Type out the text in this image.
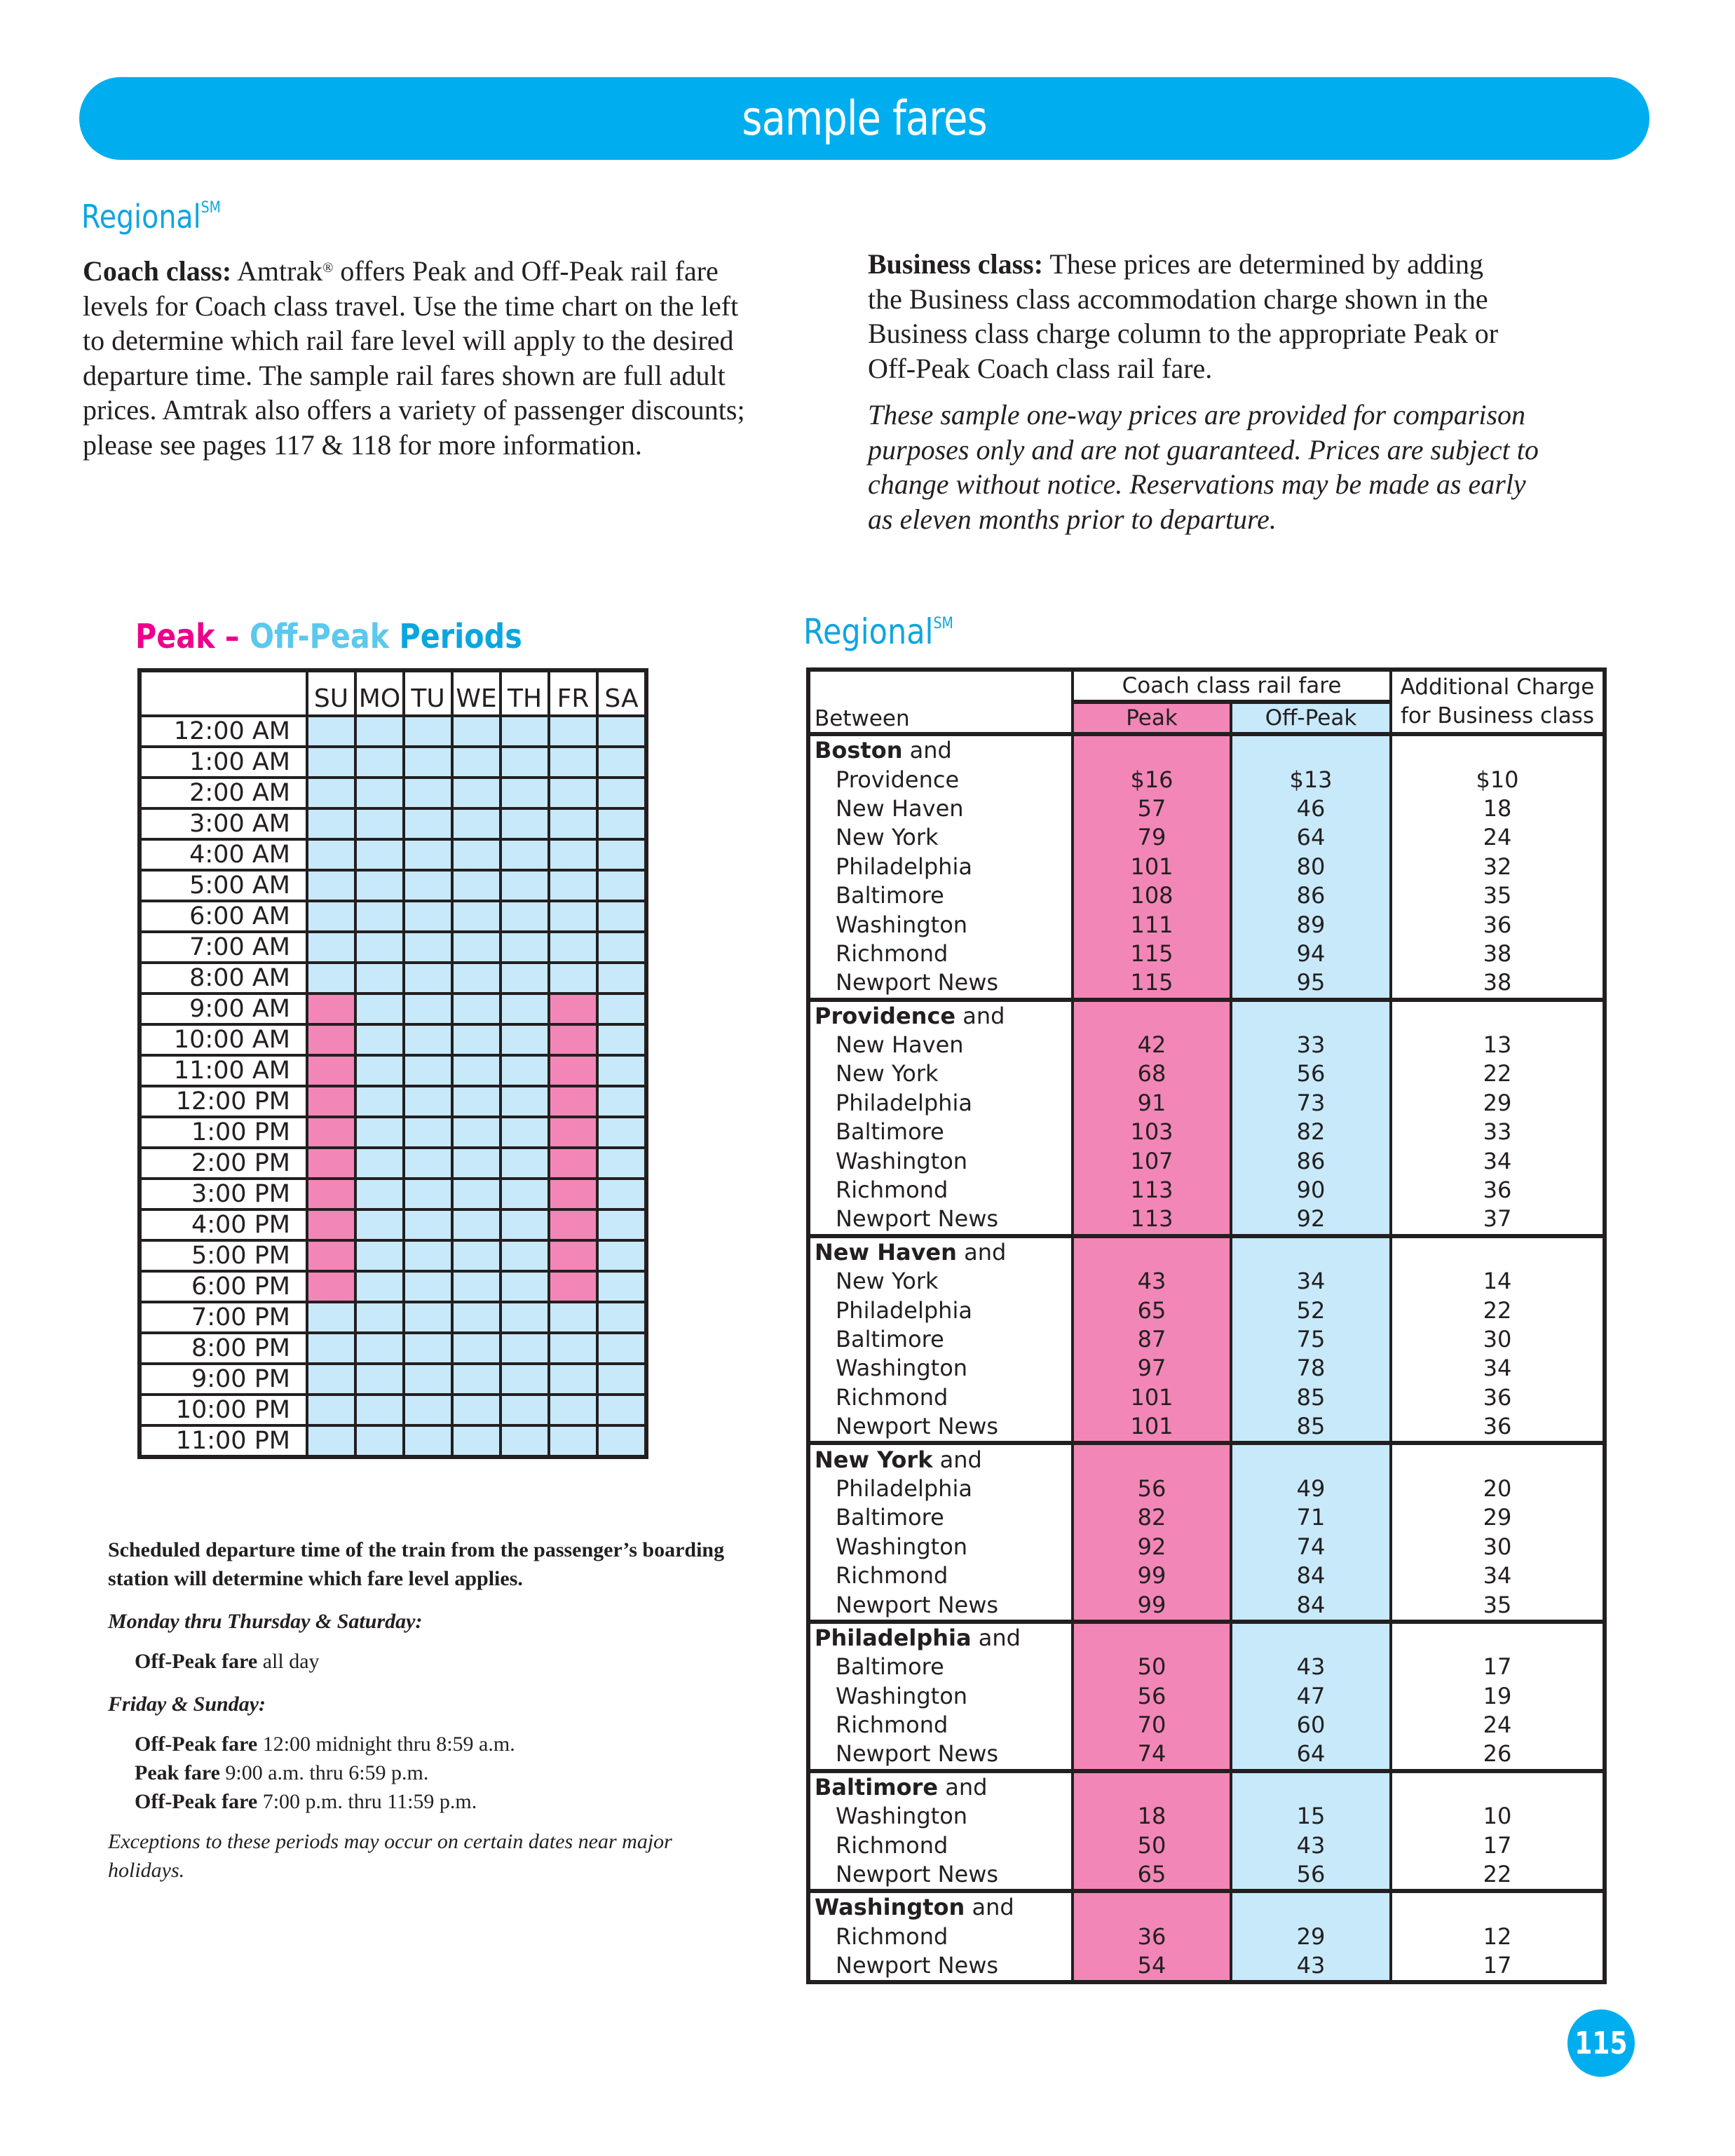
sample fares
Regional℠
Coach class: Amtrak® offers Peak and Off-Peak rail fare
levels for Coach class travel. Use the time chart on the left
to determine which rail fare level will apply to the desired
departure time. The sample rail fares shown are full adult
prices. Amtrak also offers a variety of passenger discounts;
please see pages 117 & 118 for more information.
Business class: These prices are determined by adding
the Business class accommodation charge shown in the
Business class charge column to the appropriate Peak or
Off-Peak Coach class rail fare.
These sample one-way prices are provided for comparison
purposes only and are not guaranteed. Prices are subject to
change without notice. Reservations may be made as early
as eleven months prior to departure.
Peak – Off-Peak Periods
	SU	MO	TU	WE	TH	FR	SA
12:00 AM							
1:00 AM							
2:00 AM							
3:00 AM							
4:00 AM							
5:00 AM							
6:00 AM							
7:00 AM							
8:00 AM							
9:00 AM							
10:00 AM							
11:00 AM							
12:00 PM							
1:00 PM							
2:00 PM							
3:00 PM							
4:00 PM							
5:00 PM							
6:00 PM							
7:00 PM							
8:00 PM							
9:00 PM							
10:00 PM							
11:00 PM							

Scheduled departure time of the train from the passenger’s boarding station will determine which fare level applies.

Monday thru Thursday & Saturday:

Off-Peak fare all day

Friday & Sunday:

Off-Peak fare 12:00 midnight thru 8:59 a.m.

Peak fare 9:00 a.m. thru 6:59 p.m.

Off-Peak fare 7:00 p.m. thru 11:59 p.m.

Exceptions to these periods may occur on certain dates near major holidays.

Regional℠
Between	Coach class rail fare		Additional Charge
for Business class
	Peak	Off-Peak	
Boston and			
Providence	$16	$13	$10
New Haven	57	46	18
New York	79	64	24
Philadelphia	101	80	32
Baltimore	108	86	35
Washington	111	89	36
Richmond	115	94	38
Newport News	115	95	38
Providence and			
New Haven	42	33	13
New York	68	56	22
Philadelphia	91	73	29
Baltimore	103	82	33
Washington	107	86	34
Richmond	113	90	36
Newport News	113	92	37
New Haven and			
New York	43	34	14
Philadelphia	65	52	22
Baltimore	87	75	30
Washington	97	78	34
Richmond	101	85	36
Newport News	101	85	36
New York and			
Philadelphia	56	49	20
Baltimore	82	71	29
Washington	92	74	30
Richmond	99	84	34
Newport News	99	84	35
Philadelphia and			
Baltimore	50	43	17
Washington	56	47	19
Richmond	70	60	24
Newport News	74	64	26
Baltimore and			
Washington	18	15	10
Richmond	50	43	17
Newport News	65	56	22
Washington and			
Richmond	36	29	12
Newport News	54	43	17
115
